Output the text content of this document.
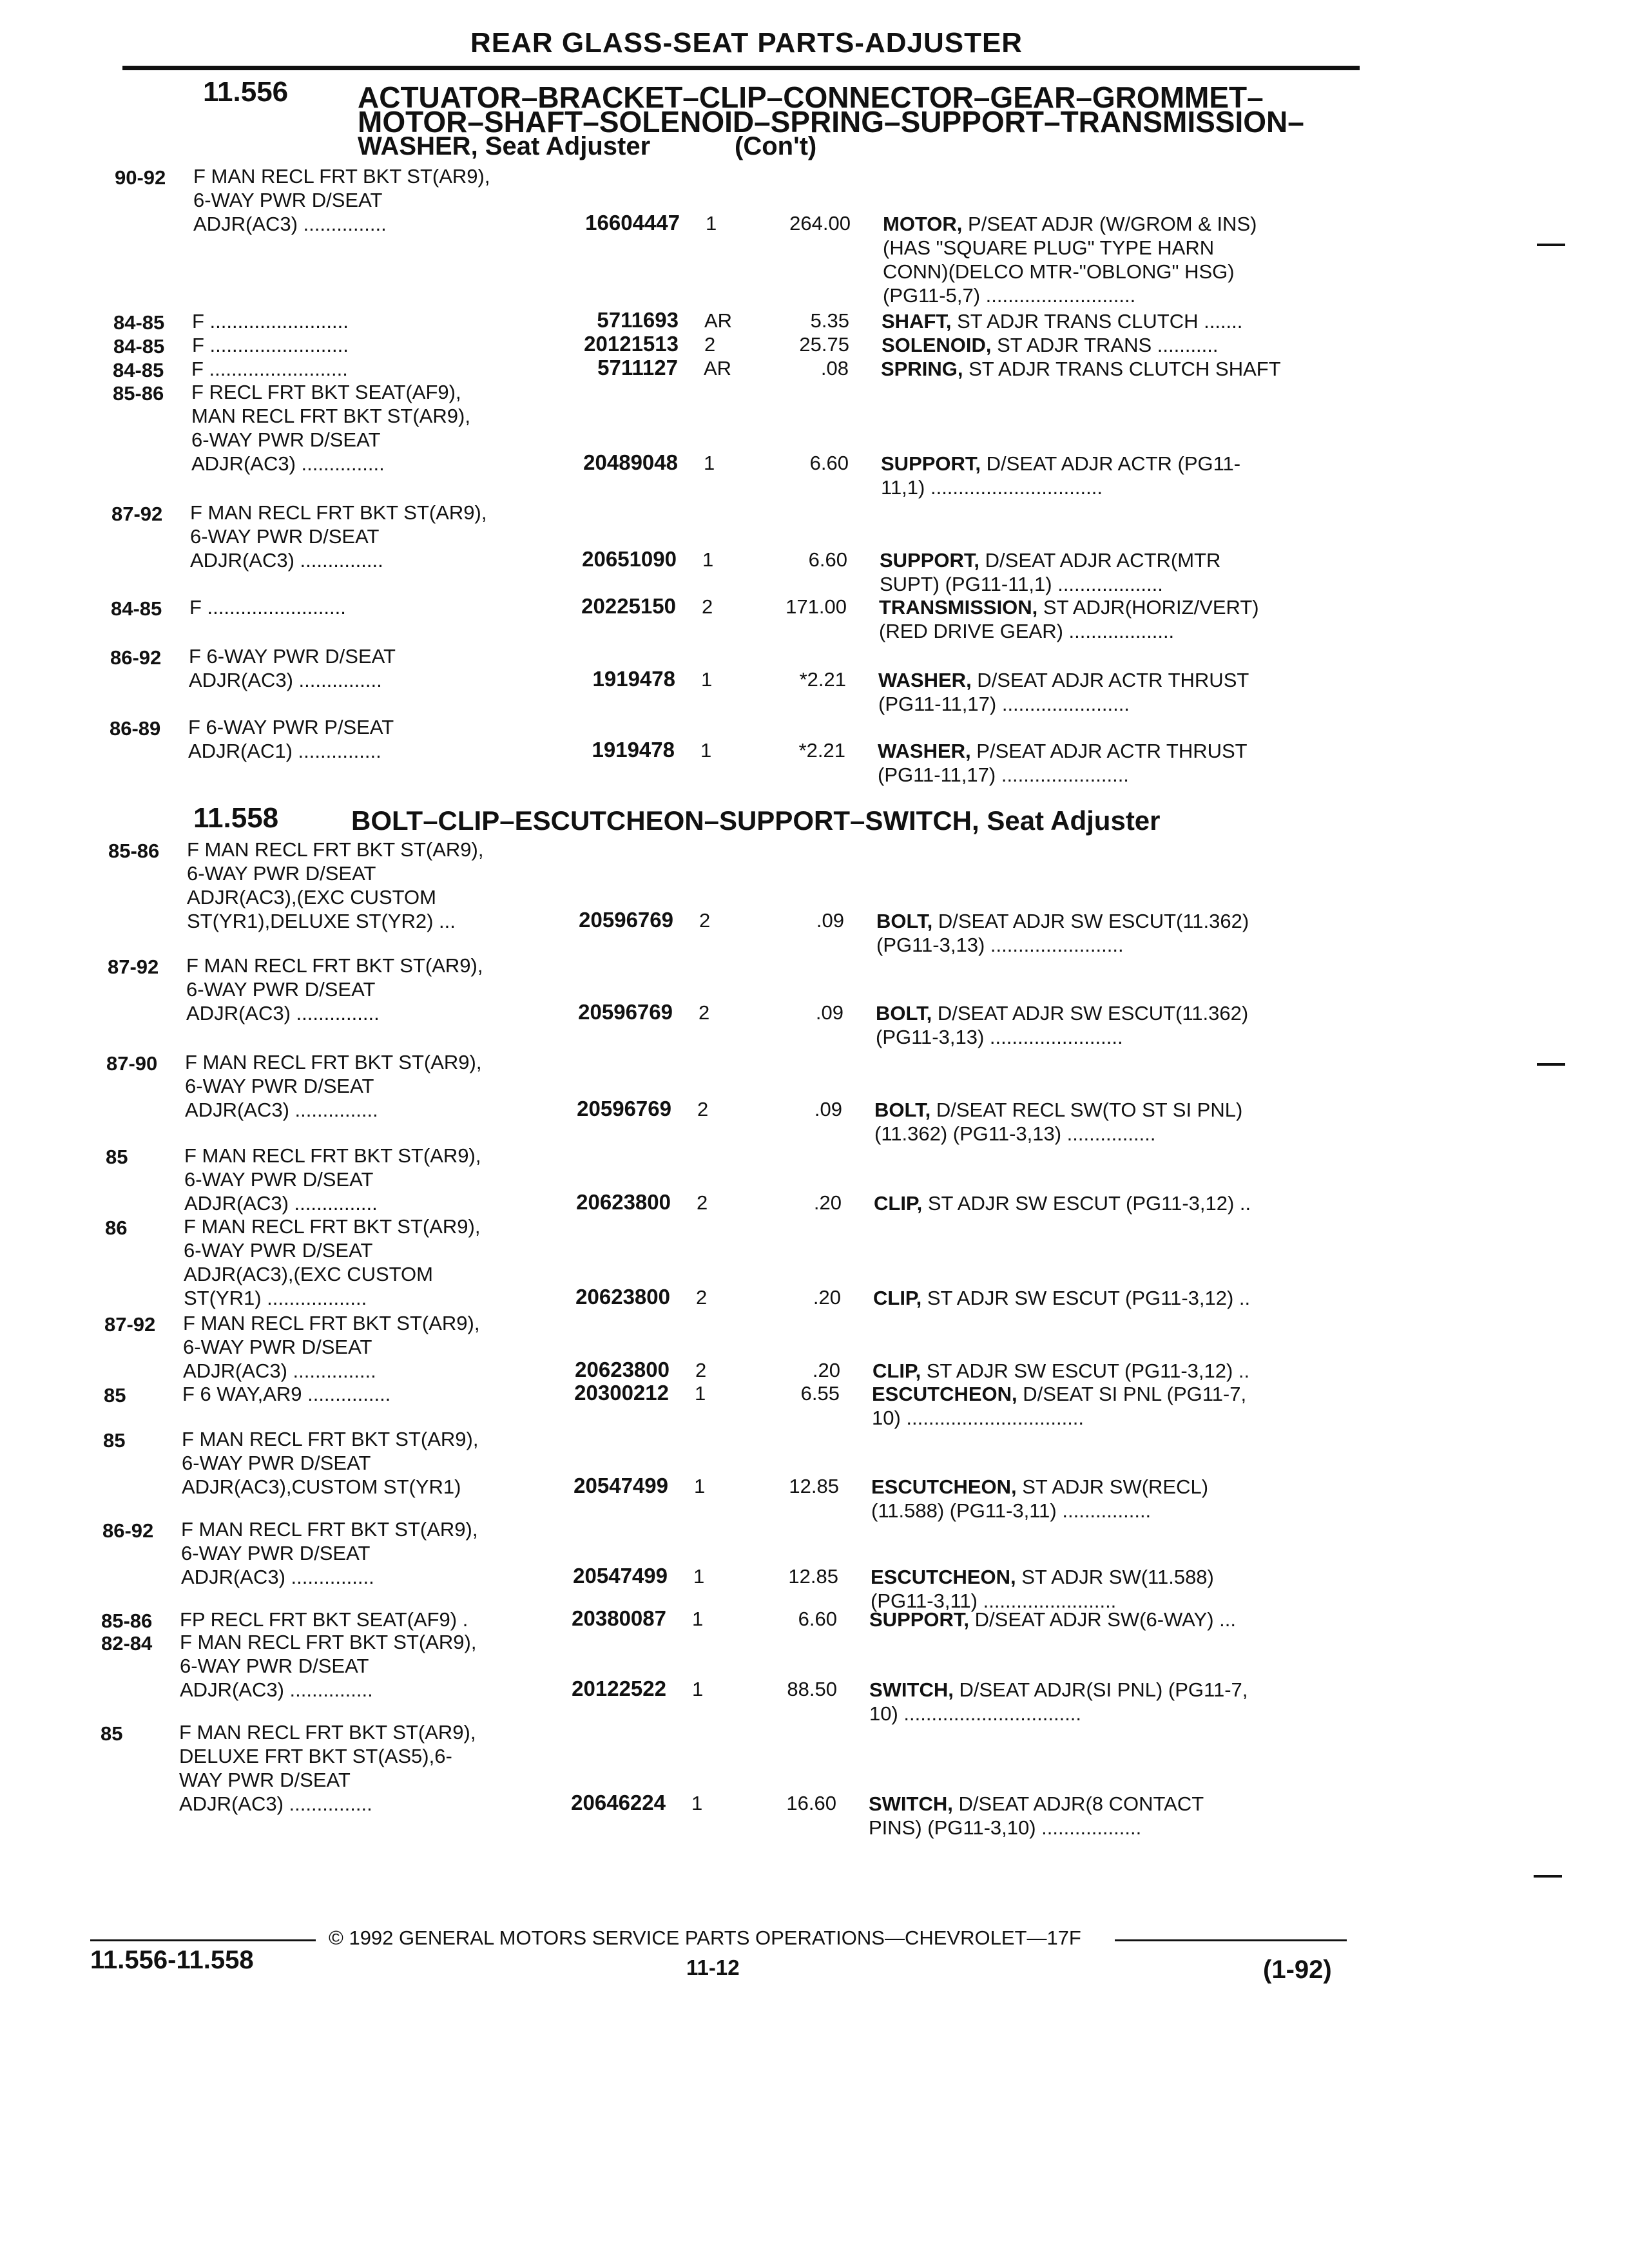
REAR GLASS-SEAT PARTS-ADJUSTER
11.556 ACTUATOR–BRACKET–CLIP–CONNECTOR–GEAR–GROMMET–
MOTOR–SHAFT–SOLENOID–SPRING–SUPPORT–TRANSMISSION–
WASHER, Seat Adjuster	(Con't)
11.558	BOLT–CLIP–ESCUTCHEON–SUPPORT–SWITCH, Seat Adjuster
90-92 F MAN RECL FRT BKT ST(AR9),
6-WAY PWR D/SEAT
ADJR(AC3) ...............	16604447 1	264.00 MOTOR, P/SEAT ADJR (W/GROM & INS)
(HAS "SQUARE PLUG" TYPE HARN
CONN)(DELCO MTR-"OBLONG" HSG)
(PG11-5,7) ...........................
84-85 F .........................	5711693 AR	5.35 SHAFT, ST ADJR TRANS CLUTCH .......
84-85 F .........................	20121513 2	25.75 SOLENOID, ST ADJR TRANS ...........
84-85 F .........................	5711127 AR	.08 SPRING, ST ADJR TRANS CLUTCH SHAFT
85-86 F RECL FRT BKT SEAT(AF9),
MAN RECL FRT BKT ST(AR9),
6-WAY PWR D/SEAT
ADJR(AC3) ...............	20489048 1	6.60 SUPPORT, D/SEAT ADJR ACTR (PG11-
11,1) ...............................
87-92 F MAN RECL FRT BKT ST(AR9),
6-WAY PWR D/SEAT
ADJR(AC3) ...............	20651090 1	6.60 SUPPORT, D/SEAT ADJR ACTR(MTR
SUPT) (PG11-11,1) ...................
84-85 F .........................	20225150 2	171.00 TRANSMISSION, ST ADJR(HORIZ/VERT)
(RED DRIVE GEAR) ...................
86-92 F 6-WAY PWR D/SEAT
ADJR(AC3) ...............	1919478 1	*2.21 WASHER, D/SEAT ADJR ACTR THRUST
(PG11-11,17) .......................
86-89 F 6-WAY PWR P/SEAT
ADJR(AC1) ...............	1919478 1	*2.21 WASHER, P/SEAT ADJR ACTR THRUST
(PG11-11,17) .......................
85-86 F MAN RECL FRT BKT ST(AR9),
6-WAY PWR D/SEAT
ADJR(AC3),(EXC CUSTOM
ST(YR1),DELUXE ST(YR2) ...	20596769 2	.09 BOLT, D/SEAT ADJR SW ESCUT(11.362)
(PG11-3,13) ........................
87-92 F MAN RECL FRT BKT ST(AR9),
6-WAY PWR D/SEAT
ADJR(AC3) ...............	20596769 2	.09 BOLT, D/SEAT ADJR SW ESCUT(11.362)
(PG11-3,13) ........................
87-90 F MAN RECL FRT BKT ST(AR9),
6-WAY PWR D/SEAT
ADJR(AC3) ...............	20596769 2	.09 BOLT, D/SEAT RECL SW(TO ST SI PNL)
(11.362) (PG11-3,13) ................
85	F MAN RECL FRT BKT ST(AR9),
6-WAY PWR D/SEAT
ADJR(AC3) ...............	20623800 2	.20 CLIP, ST ADJR SW ESCUT (PG11-3,12) ..
86	F MAN RECL FRT BKT ST(AR9),
6-WAY PWR D/SEAT
ADJR(AC3),(EXC CUSTOM
ST(YR1) ..................	20623800 2	.20 CLIP, ST ADJR SW ESCUT (PG11-3,12) ..
87-92 F MAN RECL FRT BKT ST(AR9),
6-WAY PWR D/SEAT
ADJR(AC3) ...............	20623800 2	.20 CLIP, ST ADJR SW ESCUT (PG11-3,12) ..
85	F 6 WAY,AR9 ...............	20300212 1	6.55 ESCUTCHEON, D/SEAT SI PNL (PG11-7,
10) ................................
85	F MAN RECL FRT BKT ST(AR9),
6-WAY PWR D/SEAT
ADJR(AC3),CUSTOM ST(YR1)	20547499 1	12.85 ESCUTCHEON, ST ADJR SW(RECL)
(11.588) (PG11-3,11) ................
86-92 F MAN RECL FRT BKT ST(AR9),
6-WAY PWR D/SEAT
ADJR(AC3) ...............	20547499 1	12.85 ESCUTCHEON, ST ADJR SW(11.588)
(PG11-3,11) ........................
85-86 FP RECL FRT BKT SEAT(AF9) .	20380087 1	6.60 SUPPORT, D/SEAT ADJR SW(6-WAY) ...
82-84 F MAN RECL FRT BKT ST(AR9),
6-WAY PWR D/SEAT
ADJR(AC3) ...............	20122522 1	88.50 SWITCH, D/SEAT ADJR(SI PNL) (PG11-7,
10) ................................
85	F MAN RECL FRT BKT ST(AR9),
DELUXE FRT BKT ST(AS5),6-
WAY PWR D/SEAT
ADJR(AC3) ...............	20646224 1	16.60 SWITCH, D/SEAT ADJR(8 CONTACT
PINS) (PG11-3,10) ..................
© 1992 GENERAL MOTORS SERVICE PARTS OPERATIONS—CHEVROLET—17F
11.556-11.558	11-12	(1-92)
